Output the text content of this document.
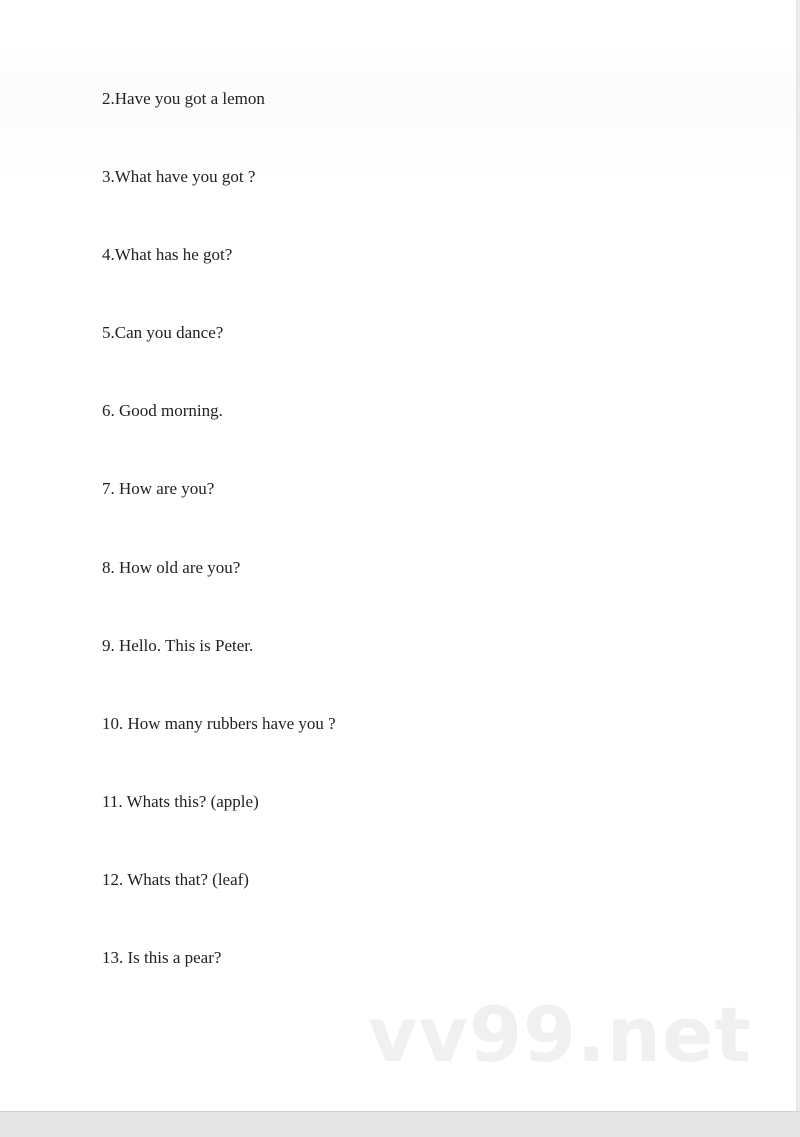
2.Have you got a lemon
3.What have you got ?
4.What has he got?
5.Can you dance?
6. Good morning.
7. How are you?
8. How old are you?
9. Hello. This is Peter.
10. How many rubbers have you ?
11. Whats this? (apple)
12. Whats that? (leaf)
13. Is this a pear?
vv99.net
